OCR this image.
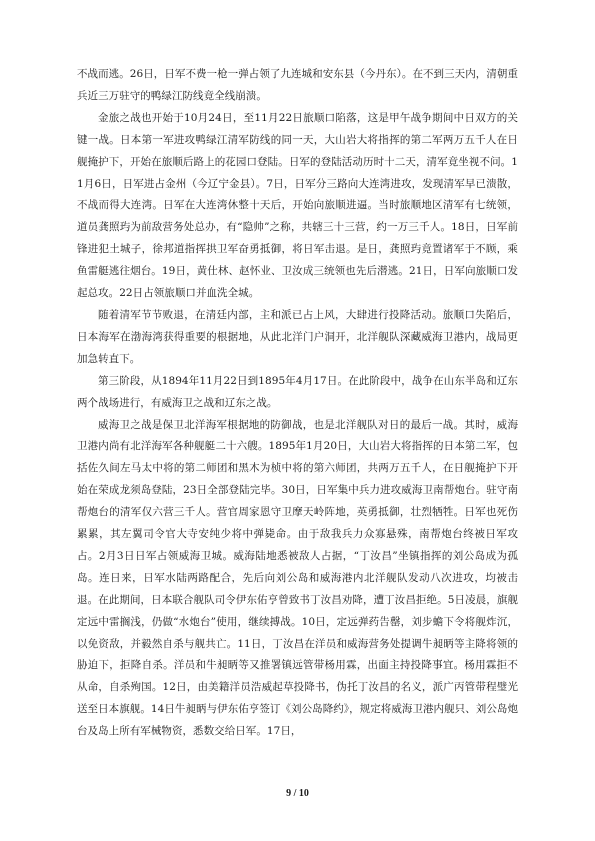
不战而逃。26日，日军不费一枪一弹占领了九连城和安东县（今丹东）。在不到三天内，清朝重兵近三万驻守的鸭绿江防线竟全线崩溃。

金旅之战也开始于10月24日，至11月22日旅顺口陷落，这是甲午战争期间中日双方的关键一战。日本第一军进攻鸭绿江清军防线的同一天，大山岩大将指挥的第二军两万五千人在日舰掩护下，开始在旅顺后路上的花园口登陆。日军的登陆活动历时十二天，清军竟坐视不问。11月6日，日军进占金州（今辽宁金县）。7日，日军分三路向大连湾进攻，发现清军早已溃散，不战而得大连湾。日军在大连湾休整十天后，开始向旅顺进逼。当时旅顺地区清军有七统领，道员龚照玙为前敌营务处总办，有“隐帅”之称，共辖三十三营，约一万三千人。18日，日军前锋进犯土城子，徐邦道指挥拱卫军奋勇抵御，将日军击退。是日，龚照玙竟置诸军于不顾，乘鱼雷艇逃往烟台。19日，黄仕林、赵怀业、卫汝成三统领也先后潜逃。21日，日军向旅顺口发起总攻。22日占领旅顺口并血洗全城。

随着清军节节败退，在清廷内部，主和派已占上风，大肆进行投降活动。旅顺口失陷后，日本海军在渤海湾获得重要的根据地，从此北洋门户洞开，北洋舰队深藏威海卫港内，战局更加急转直下。

第三阶段，从1894年11月22日到1895年4月17日。在此阶段中，战争在山东半岛和辽东两个战场进行，有威海卫之战和辽东之战。

威海卫之战是保卫北洋海军根据地的防御战，也是北洋舰队对日的最后一战。其时，威海卫港内尚有北洋海军各种舰艇二十六艘。1895年1月20日，大山岩大将指挥的日本第二军，包括佐久间左马太中将的第二师团和黑木为桢中将的第六师团，共两万五千人，在日舰掩护下开始在荣成龙须岛登陆，23日全部登陆完毕。30日，日军集中兵力进攻威海卫南帮炮台。驻守南帮炮台的清军仅六营三千人。营官周家恩守卫摩天岭阵地，英勇抵御，壮烈牺牲。日军也死伤累累，其左翼司令官大寺安纯少将中弹毙命。由于敌我兵力众寡悬殊，南帮炮台终被日军攻占。2月3日日军占领威海卫城。威海陆地悉被敌人占据，“丁汝昌”坐镇指挥的刘公岛成为孤岛。连日来，日军水陆两路配合，先后向刘公岛和威海港内北洋舰队发动八次进攻，均被击退。在此期间，日本联合舰队司令伊东佑亨曾致书丁汝昌劝降，遭丁汝昌拒绝。5日凌晨，旗舰定远中雷搁浅，仍做“水炮台”使用，继续搏战。10日，定远弹药告罄，刘步蟾下令将舰炸沉，以免资敌，并毅然自杀与舰共亡。11日，丁汝昌在洋员和威海营务处提调牛昶昞等主降将领的胁迫下，拒降自杀。洋员和牛昶昞等又推署镇远管带杨用霖，出面主持投降事宜。杨用霖拒不从命，自杀殉国。12日，由美籍洋员浩威起草投降书，伪托丁汝昌的名义，派广丙管带程璧光送至日本旗舰。14日牛昶昞与伊东佑亨签订《刘公岛降约》，规定将威海卫港内舰只、刘公岛炮台及岛上所有军械物资，悉数交给日军。17日，

9 / 10
